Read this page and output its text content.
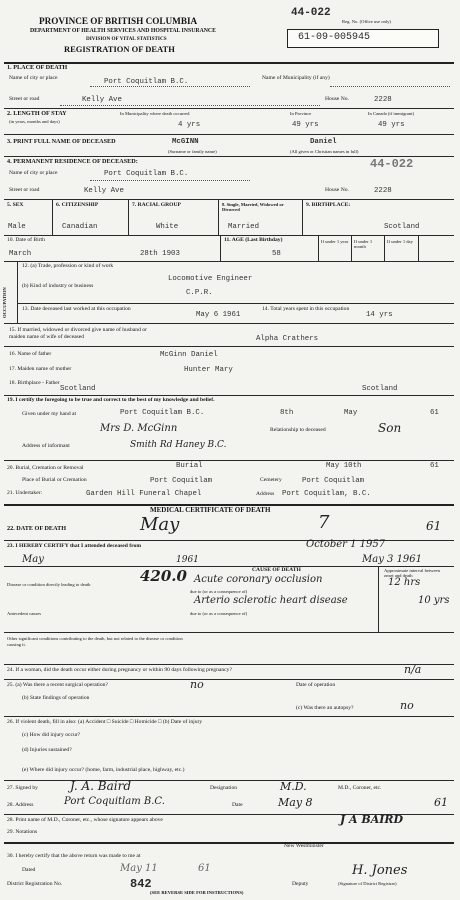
44-022
Reg. No. (Office use only)
61-09-005945
PROVINCE OF BRITISH COLUMBIA
DEPARTMENT OF HEALTH SERVICES AND HOSPITAL INSURANCE
DIVISION OF VITAL STATISTICS
REGISTRATION OF DEATH
1. PLACE OF DEATH
Name of city or place	Port Coquitlam B.C.	Name of Municipality (if any)
Street or road	Kelly Ave	House No.	2228
2. LENGTH OF STAY
(in years, months and days)
In Municipality where death occurred
4 yrs
In Province
49 yrs
In Canada (if immigrant)
49 yrs
3. PRINT FULL NAME OF DECEASED	McGINN	Daniel
(Surname or family name)	(All given or Christian names in full)
4. PERMANENT RESIDENCE OF DECEASED:	44-022
Name of city or place	Port Coquitlam B.C.
Street or road	Kelly Ave	House No.	2228
5. SEX	6. CITIZENSHIP	7. RACIAL GROUP	8. Single, Married, Widowed or Divorced
9. BIRTHPLACE:
Male	Canadian	White	Married	Scotland
10. Date of Birth
March	28th 1903
11. AGE (Last Birthday)
58
If under 1 year If under 1 month
If under 1 day
OCCUPATION
12. (a) Trade, profession or kind of work
Locomotive Engineer
(b) Kind of industry or business
C.P.R.
13. Date deceased last worked at this occupation
May 6 1961
14. Total years spent in this occupation
14 yrs
15. If married, widowed or divorced give name of husband or maiden name of wife of deceased	Alpha Crathers
16. Name of father	McGinn Daniel
17. Maiden name of mother	Hunter Mary
18. Birthplace - Father
Scotland	Scotland
19. I certify the foregoing to be true and correct to the best of my knowledge and belief.
Given under my hand at	Port Coquitlam B.C.	8th	May	61
Mrs D. McGinn	Relationship to deceased	Son
Address of informant	Smith Rd Haney B.C.
20. Burial, Cremation or Removal	Burial	May 10th	61
Place of Burial or Cremation	Port Coquitlam	Cemetery	Port Coquitlam
21. Undertaker:	Garden Hill Funeral Chapel	Address Port Coquitlam, B.C.
MEDICAL CERTIFICATE OF DEATH
22. DATE OF DEATH	May	7	61
23. I HEREBY CERTIFY that I attended deceased from	October 1 1957
May	1961	May 3 1961
420.0	CAUSE OF DEATH	Approximate interval between onset and death
Disease or condition directly leading to death	Acute coronary occlusion	12 hrs
due to (or as a consequence of)
Arterio sclerotic heart disease	10 yrs
Antecedent causes	due to (or as a consequence of)
Other significant conditions contributing to the death, but not related to the disease or condition causing it.
24. If a woman, did the death occur either during pregnancy or within 90 days following pregnancy?	n/a
25. (a) Was there a recent surgical operation?	no	Date of operation
(b) State findings of operation
(c) Was there an autopsy?	no
26. If violent death, fill in also: (a) Accident □ Suicide □ Homicide □ (b) Date of injury
(c) How did injury occur?
(d) Injuries sustained?
(e) Where did injury occur? (home, farm, industrial place, highway, etc.)
27. Signed by	J. A. Baird	Designation	M.D.	M.D., Coroner, etc.
28. Address	Port Coquitlam B.C.	Date	May 8	61
28. Print name of M.D., Coroner, etc., whose signature appears above	J A BAIRD
29. Notations
New Westminster
30. I hereby certify that the above return was made to me at
Dated	May 11	61
District Registration No.	842	Deputy
H. Jones
(Signature of District Registrar)
(SEE REVERSE SIDE FOR INSTRUCTIONS)
